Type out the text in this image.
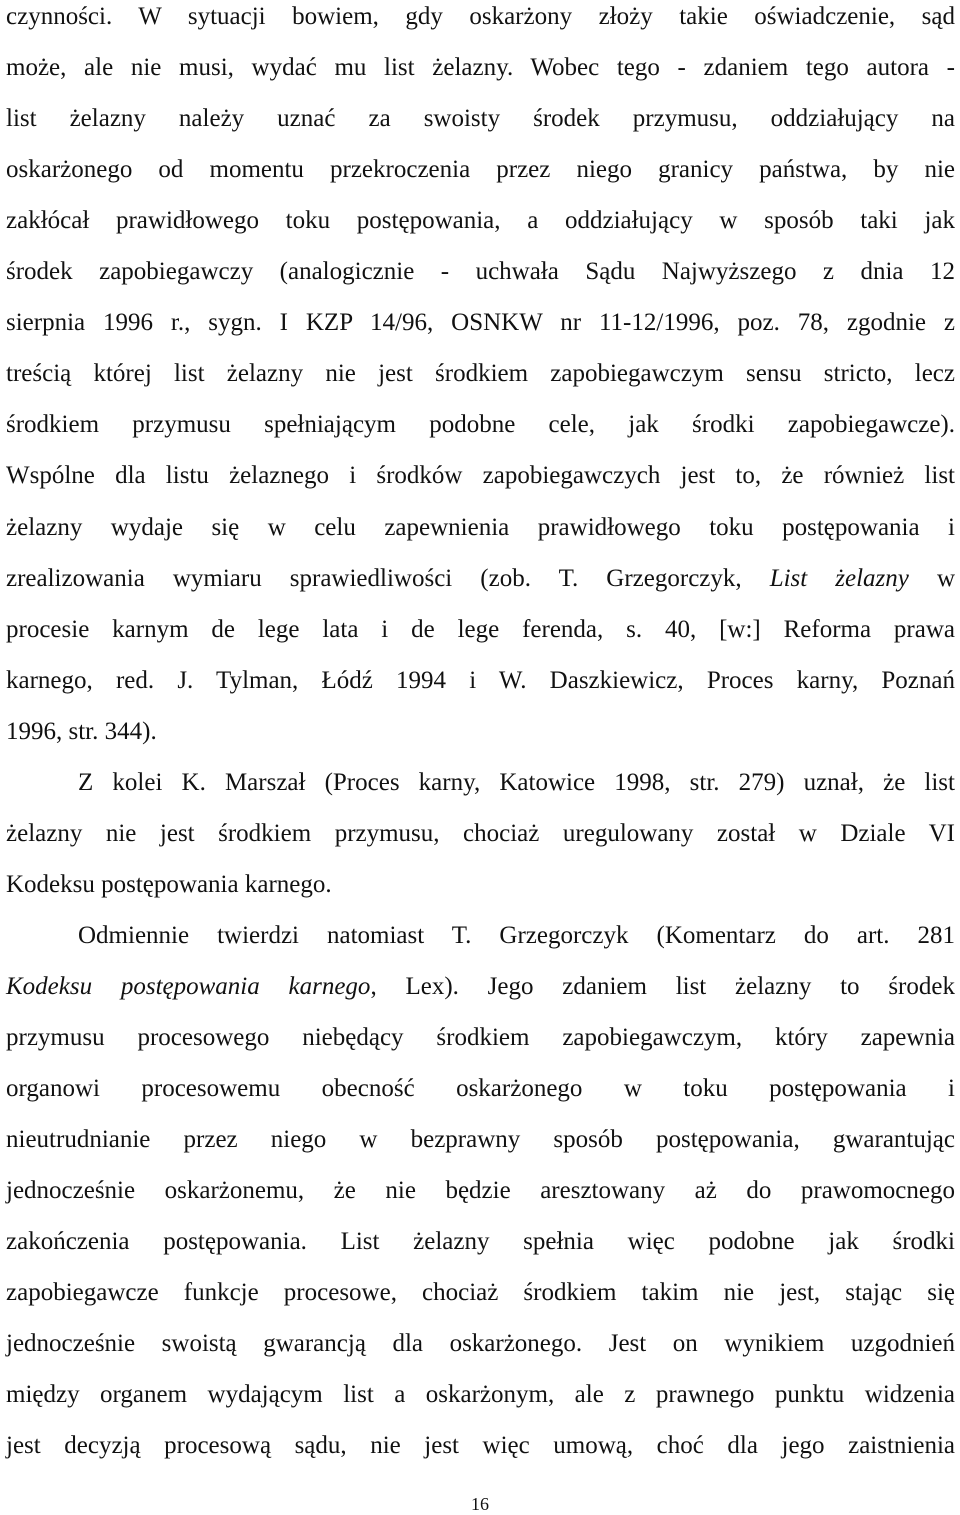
czynności. W sytuacji bowiem, gdy oskarżony złoży takie oświadczenie, sąd
może, ale nie musi, wydać mu list żelazny. Wobec tego - zdaniem tego autora -
list żelazny należy uznać za swoisty środek przymusu, oddziałujący na
oskarżonego od momentu przekroczenia przez niego granicy państwa, by nie
zakłócał prawidłowego toku postępowania, a oddziałujący w sposób taki jak
środek zapobiegawczy (analogicznie - uchwała Sądu Najwyższego z dnia 12
sierpnia 1996 r., sygn. I KZP 14/96, OSNKW nr 11-12/1996, poz. 78, zgodnie z
treścią której list żelazny nie jest środkiem zapobiegawczym sensu stricto, lecz
środkiem przymusu spełniającym podobne cele, jak środki zapobiegawcze).
Wspólne dla listu żelaznego i środków zapobiegawczych jest to, że również list
żelazny wydaje się w celu zapewnienia prawidłowego toku postępowania i
zrealizowania wymiaru sprawiedliwości (zob. T. Grzegorczyk, List żelazny w
procesie karnym de lege lata i de lege ferenda, s. 40, [w:] Reforma prawa
karnego, red. J. Tylman, Łódź 1994 i W. Daszkiewicz, Proces karny, Poznań
1996, str. 344).
Z kolei K. Marszał (Proces karny, Katowice 1998, str. 279) uznał, że list
żelazny nie jest środkiem przymusu, chociaż uregulowany został w Dziale VI
Kodeksu postępowania karnego.
Odmiennie twierdzi natomiast T. Grzegorczyk (Komentarz do art. 281
Kodeksu postępowania karnego, Lex). Jego zdaniem list żelazny to środek
przymusu procesowego niebędący środkiem zapobiegawczym, który zapewnia
organowi procesowemu obecność oskarżonego w toku postępowania i
nieutrudnianie przez niego w bezprawny sposób postępowania, gwarantując
jednocześnie oskarżonemu, że nie będzie aresztowany aż do prawomocnego
zakończenia postępowania. List żelazny spełnia więc podobne jak środki
zapobiegawcze funkcje procesowe, chociaż środkiem takim nie jest, stając się
jednocześnie swoistą gwarancją dla oskarżonego. Jest on wynikiem uzgodnień
między organem wydającym list a oskarżonym, ale z prawnego punktu widzenia
jest decyzją procesową sądu, nie jest więc umową, choć dla jego zaistnienia
16
